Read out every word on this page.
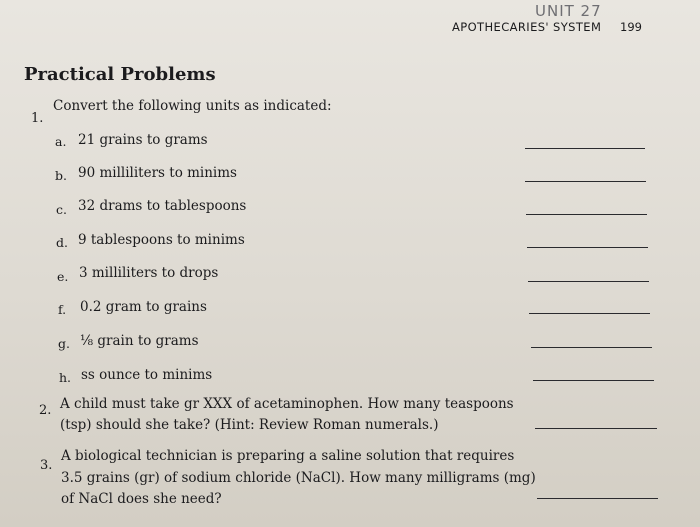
UNIT 27
APOTHECARIES' SYSTEM 199
Practical Problems
1.
Convert the following units as indicated:
a. 21 grains to grams
b. 90 milliliters to minims
c. 32 drams to tablespoons
d. 9 tablespoons to minims
e. 3 milliliters to drops
f. 0.2 gram to grains
g. ⅛ grain to grams
h. ss ounce to minims
2. A child must take gr XXX of acetaminophen. How many teaspoons
(tsp) should she take? (Hint: Review Roman numerals.)
3.
A biological technician is preparing a saline solution that requires
3.5 grains (gr) of sodium chloride (NaCl). How many milligrams (mg)
of NaCl does she need?
